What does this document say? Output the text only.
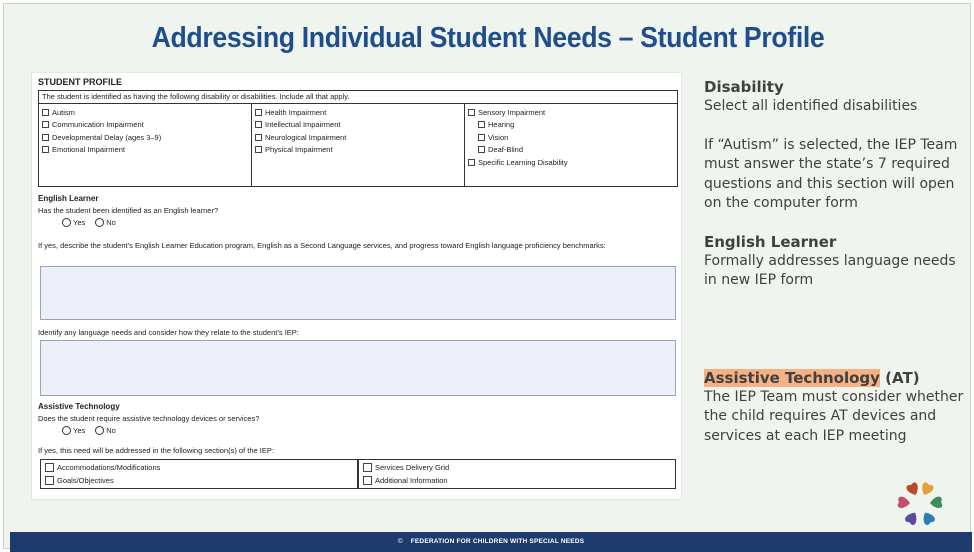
Addressing Individual Student Needs – Student Profile
STUDENT PROFILE
The student is identified as having the following disability or disabilities. Include all that apply.
Autism
Communication Impairment
Developmental Delay (ages 3–9)
Emotional Impairment
Health Impairment
Intellectual Impairment
Neurological Impairment
Physical Impairment
Sensory Impairment
Hearing
Vision
Deaf-Blind
Specific Learning Disability
English Learner
Has the student been identified as an English learner?
Yes	No
If yes, describe the student’s English Learner Education program, English as a Second Language services, and progress toward English language proficiency benchmarks:
Identify any language needs and consider how they relate to the student’s IEP:
Assistive Technology
Does the student require assistive technology devices or services?
Yes	No
If yes, this need will be addressed in the following section(s) of the IEP:
Accommodations/Modifications
Goals/Objectives
Services Delivery Grid
Additional Information
Disability
Select all identified disabilities
If “Autism” is selected, the IEP Team must answer the state’s 7 required questions and this section will open on the computer form
English Learner
Formally addresses language needs in new IEP form
Assistive Technology (AT)
The IEP Team must consider whether the child requires AT devices and services at each IEP meeting
© FEDERATION FOR CHILDREN WITH SPECIAL NEEDS
